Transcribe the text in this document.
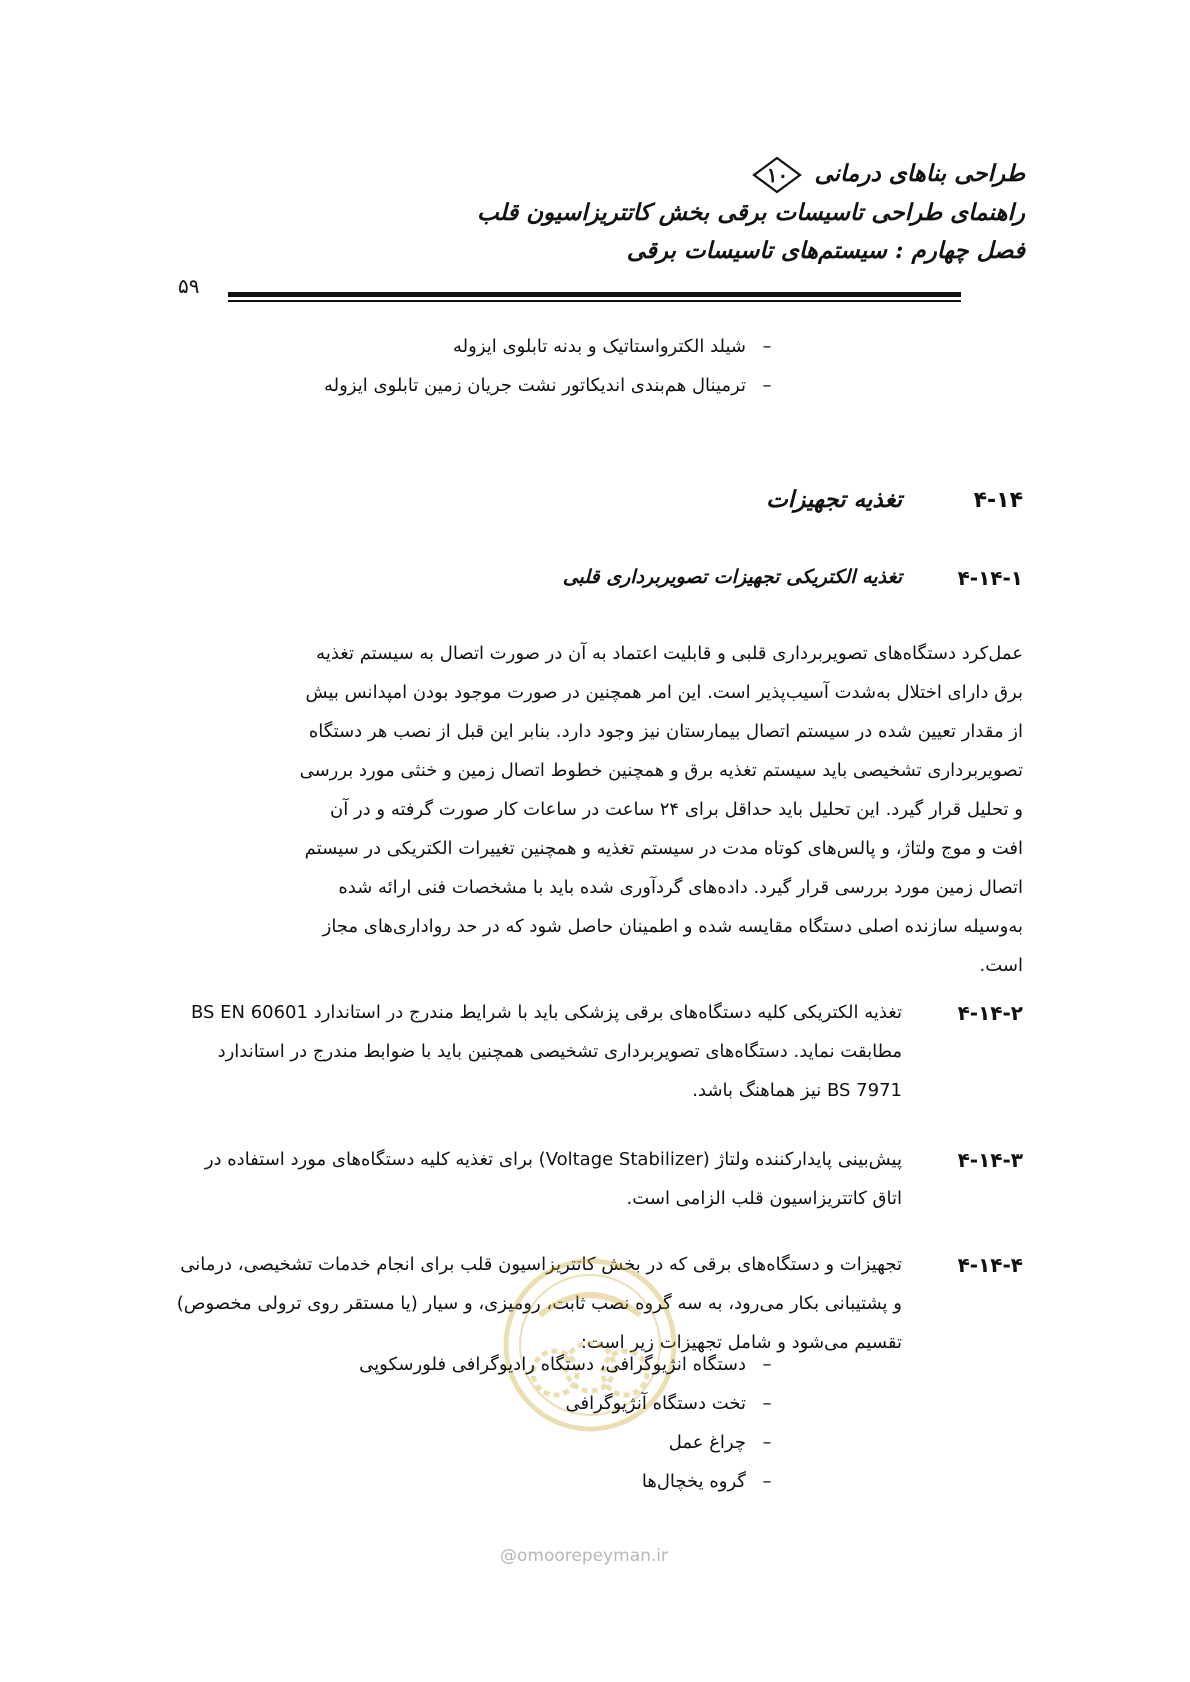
طراحی بناهای درمانی
۱۰
راهنمای طراحی تاسیسات برقی بخش کاتتریزاسیون قلب
فصل چهارم : سیستم‌های تاسیسات برقی
۵۹
–شیلد الکترواستاتیک و بدنه تابلوی ایزوله
–ترمینال هم‌بندی اندیکاتور نشت جریان زمین تابلوی ایزوله
۴-۱۴
تغذیه تجهیزات
۴-۱۴-۱
تغذیه الکتریکی تجهیزات تصویربرداری قلبی
عمل‌کرد دستگاه‌های تصویربرداری قلبی و قابلیت اعتماد به آن در صورت اتصال به سیستم تغذیه
برق دارای اختلال به‌شدت آسیب‌پذیر است. این امر همچنین در صورت موجود بودن امپدانس بیش
از مقدار تعیین شده در سیستم اتصال بیمارستان نیز وجود دارد. بنابر این قبل از نصب هر دستگاه
تصویربرداری تشخیصی باید سیستم تغذیه برق و همچنین خطوط اتصال زمین و خنثی مورد بررسی
و تحلیل قرار گیرد. این تحلیل باید حداقل برای ۲۴ ساعت در ساعات کار صورت گرفته و در آن
افت و موج ولتاژ، و پالس‌های کوتاه مدت در سیستم تغذیه و همچنین تغییرات الکتریکی در سیستم
اتصال زمین مورد بررسی قرار گیرد. داده‌های گردآوری شده باید با مشخصات فنی ارائه شده
به‌وسیله سازنده اصلی دستگاه مقایسه شده و اطمینان حاصل شود که در حد رواداری‌های مجاز
است.
۴-۱۴-۲
تغذیه الکتریکی کلیه دستگاه‌های برقی پزشکی باید با شرایط مندرج در استاندارد BS EN 60601
مطابقت نماید. دستگاه‌های تصویربرداری تشخیصی همچنین باید با ضوابط مندرج در استاندارد
BS 7971 نیز هماهنگ باشد.
۴-۱۴-۳
پیش‌بینی پایدارکننده ولتاژ (Voltage Stabilizer) برای تغذیه کلیه دستگاه‌های مورد استفاده در
اتاق کاتتریزاسیون قلب الزامی است.
۴-۱۴-۴
تجهیزات و دستگاه‌های برقی که در بخش کاتتریزاسیون قلب برای انجام خدمات تشخیصی، درمانی
و پشتیبانی بکار می‌رود، به سه گروه نصب ثابت، رومیزی، و سیار (یا مستقر روی ترولی مخصوص)
تقسیم می‌شود و شامل تجهیزات زیر است:
–دستگاه انژیوگرافی، دستگاه رادیوگرافی فلورسکوپی
–تخت دستگاه آنژیوگرافی
–چراغ عمل
–گروه یخچال‌ها
@omoorepeyman.ir
